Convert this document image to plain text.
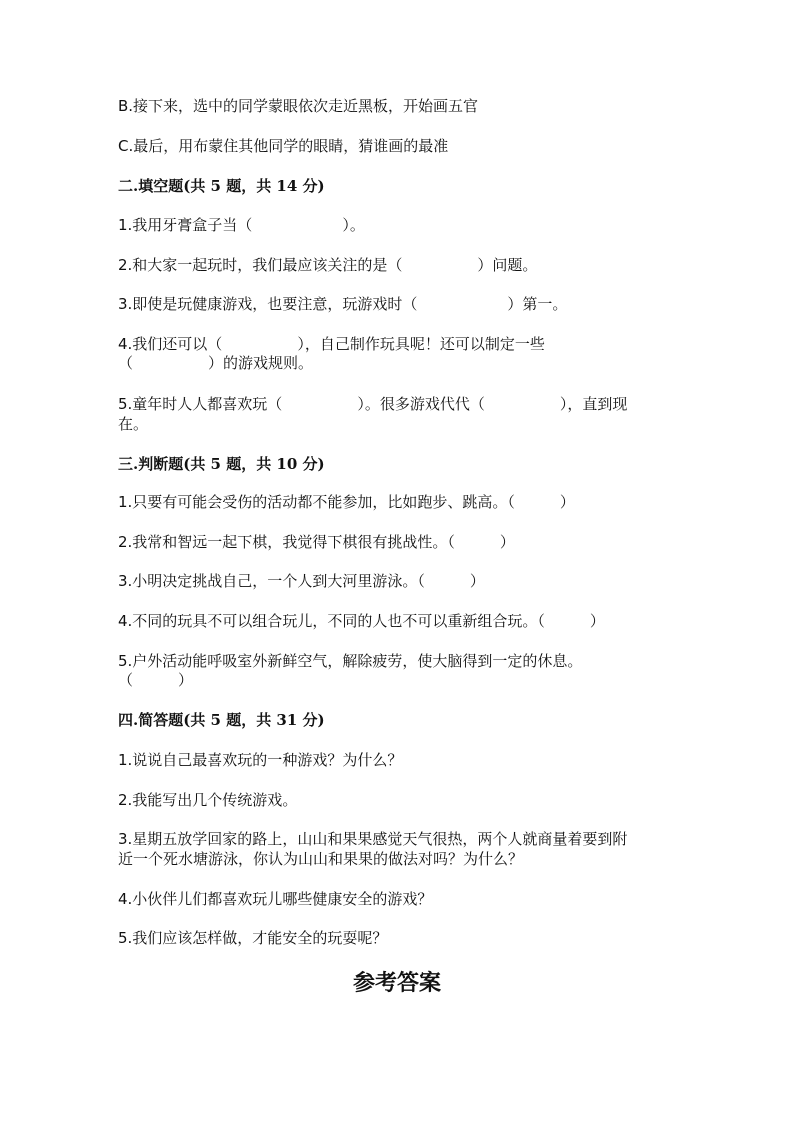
B.接下来，选中的同学蒙眼依次走近黑板，开始画五官
C.最后，用布蒙住其他同学的眼睛，猜谁画的最准
二.填空题(共 5 题，共 14 分)
1.我用牙膏盒子当（　　　　　　）。
2.和大家一起玩时，我们最应该关注的是（　　　　　）问题。
3.即使是玩健康游戏，也要注意，玩游戏时（　　　　　　）第一。
4.我们还可以（　　　　　），自己制作玩具呢！还可以制定一些
（　　　　　）的游戏规则。
5.童年时人人都喜欢玩（　　　　　）。很多游戏代代（　　　　　），直到现
在。
三.判断题(共 5 题，共 10 分)
1.只要有可能会受伤的活动都不能参加，比如跑步、跳高。（　　　）
2.我常和智远一起下棋，我觉得下棋很有挑战性。（　　　）
3.小明决定挑战自己，一个人到大河里游泳。（　　　）
4.不同的玩具不可以组合玩儿，不同的人也不可以重新组合玩。（　　　）
5.户外活动能呼吸室外新鲜空气，解除疲劳，使大脑得到一定的休息。
（　　　）
四.简答题(共 5 题，共 31 分)
1.说说自己最喜欢玩的一种游戏？为什么？
2.我能写出几个传统游戏。
3.星期五放学回家的路上，山山和果果感觉天气很热，两个人就商量着要到附
近一个死水塘游泳，你认为山山和果果的做法对吗？为什么？
4.小伙伴儿们都喜欢玩儿哪些健康安全的游戏？
5.我们应该怎样做，才能安全的玩耍呢？
参考答案
